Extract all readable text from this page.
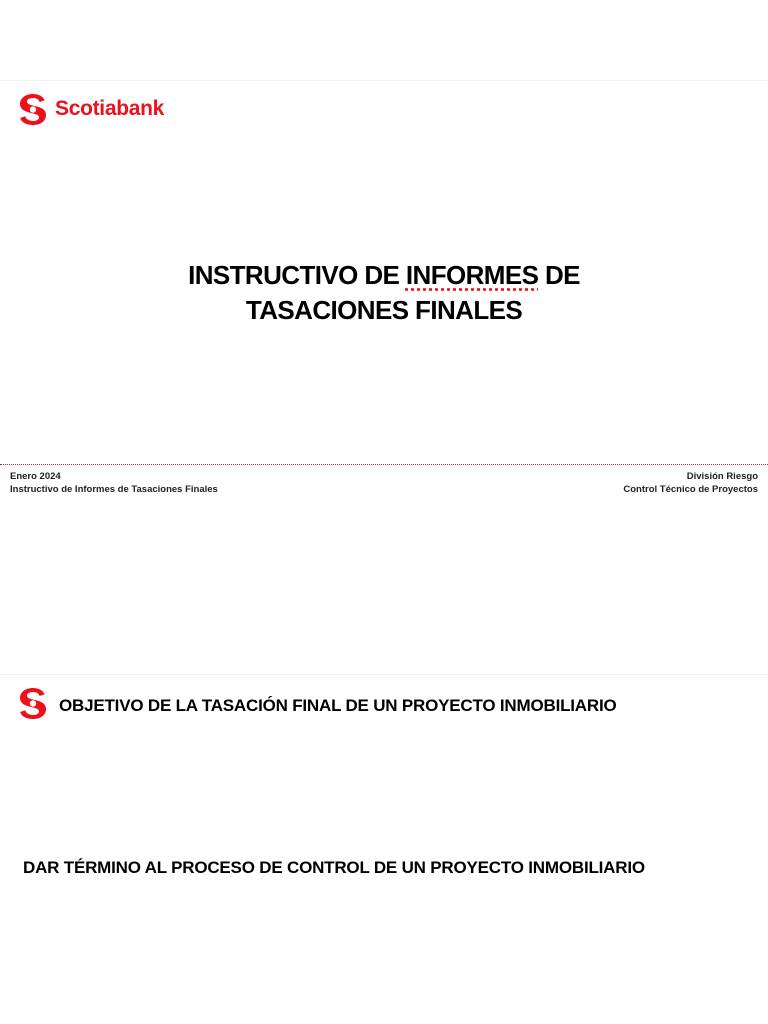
Scotiabank
INSTRUCTIVO DE INFORMES DE
TASACIONES FINALES
Enero 2024
Instructivo de Informes de Tasaciones Finales
División Riesgo
Control Técnico de Proyectos
OBJETIVO DE LA TASACIÓN FINAL DE UN PROYECTO INMOBILIARIO
DAR TÉRMINO AL PROCESO DE CONTROL DE UN PROYECTO INMOBILIARIO
